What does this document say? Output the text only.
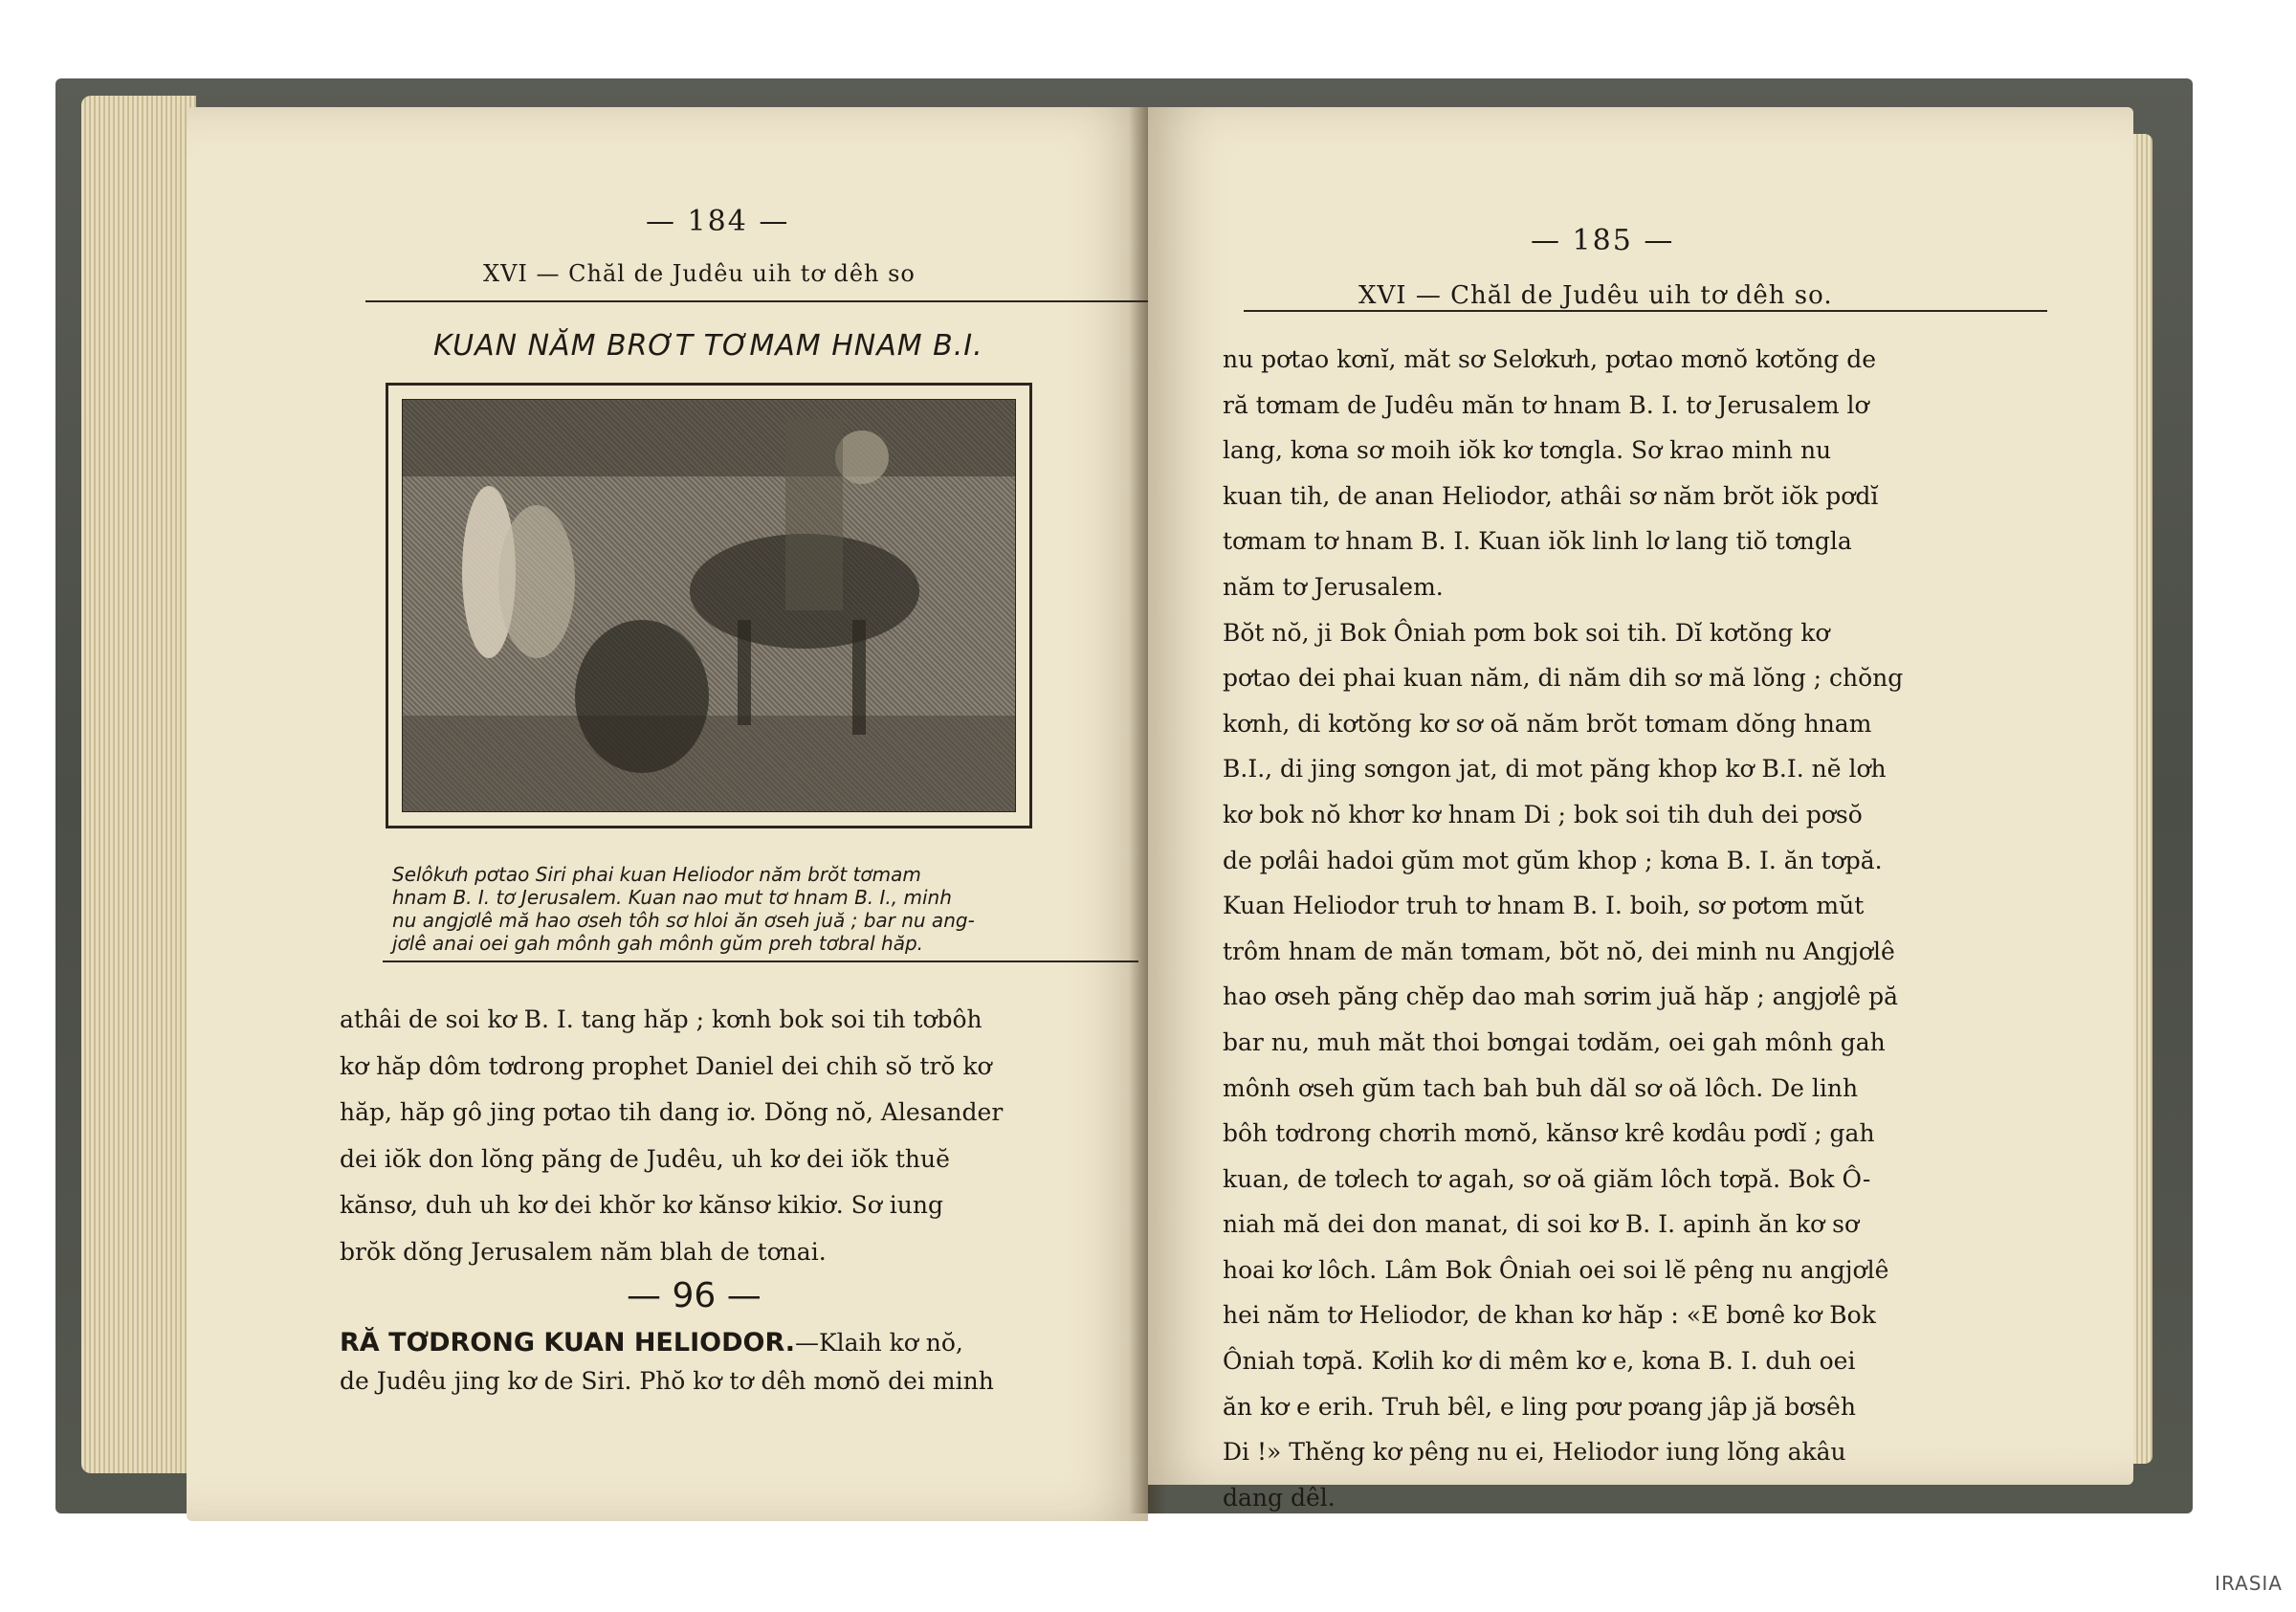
— 184 —
XVI — Chăl de Judêu uih tơ dêh so
KUAN NĂM BRƠT TƠMAM HNAM B.I.
Selôkưh pơtao Siri phai kuan Heliodor năm brŏt tơmam
hnam B. I. tơ Jerusalem. Kuan nao mut tơ hnam B. I., minh
nu angjơlê mă hao ơseh tôh sơ hloi ăn ơseh juă ; bar nu ang-
jơlê anai oei gah mônh gah mônh gŭm preh tơbral hăp.
athâi de soi kơ B. I. tang hăp ; kơnh bok soi tih tơbôh
kơ hăp dôm tơdrong prophet Daniel dei chih sŏ trŏ kơ
hăp, hăp gô jing pơtao tih dang iơ. Dŏng nŏ, Alesander
dei iŏk don lŏng păng de Judêu, uh kơ dei iŏk thuĕ
kănsơ, duh uh kơ dei khŏr kơ kănsơ kikiơ. Sơ iung
brŏk dŏng Jerusalem năm blah de tơnai.
— 96 —
RĂ TƠDRONG KUAN HELIODOR.—Klaih kơ nŏ,
de Judêu jing kơ de Siri. Phŏ kơ tơ dêh mơnŏ dei minh
— 185 —
XVI — Chăl de Judêu uih tơ dêh so.
nu pơtao kơnĭ, măt sơ Selơkưh, pơtao mơnŏ kơtŏng de
ră tơmam de Judêu măn tơ hnam B. I. tơ Jerusalem lơ
lang, kơna sơ moih iŏk kơ tơngla. Sơ krao minh nu
kuan tih, de anan Heliodor, athâi sơ năm brŏt iŏk pơdĭ
tơmam tơ hnam B. I. Kuan iŏk linh lơ lang tiŏ tơngla
năm tơ Jerusalem.
Bŏt nŏ, ji Bok Ôniah pơm bok soi tih. Dĭ kơtŏng kơ
pơtao dei phai kuan năm, di năm dih sơ mă lŏng ; chŏng
kơnh, di kơtŏng kơ sơ oă năm brŏt tơmam dŏng hnam
B.I., di jing sơngon jat, di mot păng khop kơ B.I. nĕ lơh
kơ bok nŏ khơr kơ hnam Di ; bok soi tih duh dei pơsŏ
de pơlâi hadoi gŭm mot gŭm khop ; kơna B. I. ăn tơpă.
Kuan Heliodor truh tơ hnam B. I. boih, sơ pơtơm mŭt
trôm hnam de măn tơmam, bŏt nŏ, dei minh nu Angjơlê
hao ơseh păng chĕp dao mah sơrim juă hăp ; angjơlê pă
bar nu, muh măt thoi bơngai tơdăm, oei gah mônh gah
mônh ơseh gŭm tach bah buh dăl sơ oă lôch. De linh
bôh tơdrong chơrih mơnŏ, kănsơ krê kơdâu pơdĭ ; gah
kuan, de tơlech tơ agah, sơ oă giăm lôch tơpă. Bok Ô-
niah mă dei don manat, di soi kơ B. I. apinh ăn kơ sơ
hoai kơ lôch. Lâm Bok Ôniah oei soi lĕ pêng nu angjơlê
hei năm tơ Heliodor, de khan kơ hăp : «E bơnê kơ Bok
Ôniah tơpă. Kơlih kơ di mêm kơ e, kơna B. I. duh oei
ăn kơ e erih. Truh bêl, e ling pơư pơang jâp jă bơsêh
Di !» Thĕng kơ pêng nu ei, Heliodor iung lŏng akâu
dang dêl.
IRASIA
